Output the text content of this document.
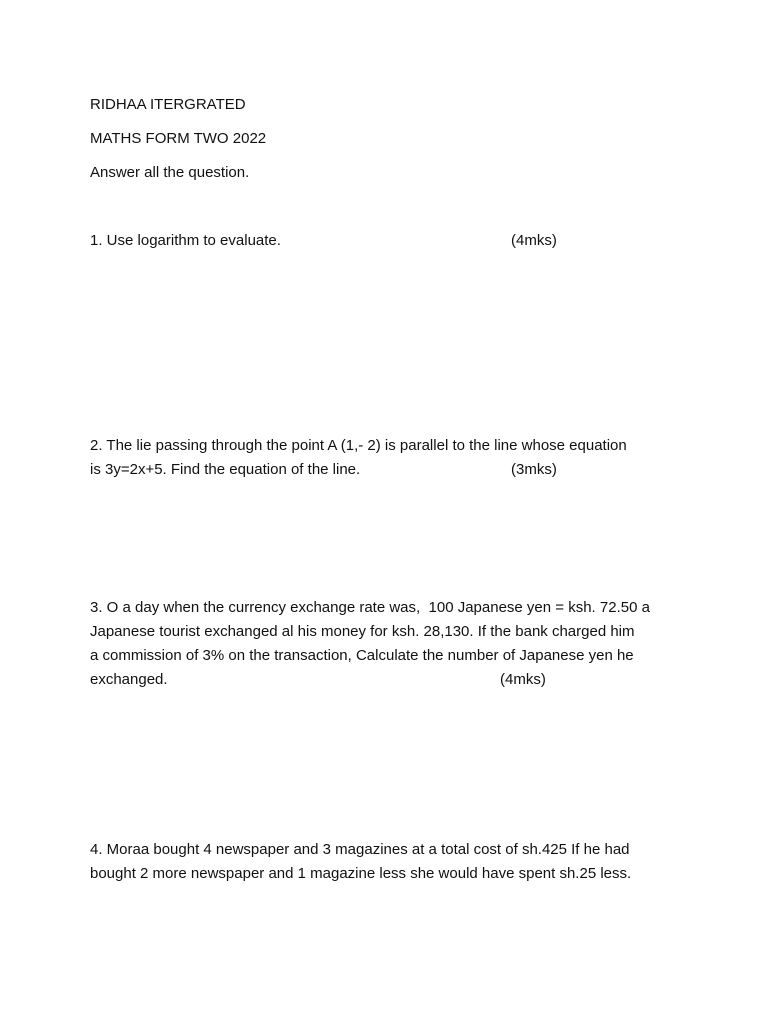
RIDHAA ITERGRATED
MATHS FORM TWO 2022
Answer all the question.

1. Use logarithm to evaluate.	(4mks)

2. The lie passing through the point A (1,- 2) is parallel to the line whose equation

is 3y=2x+5. Find the equation of the line.	(3mks)

3. O a day when the currency exchange rate was,  100 Japanese yen = ksh. 72.50 a

Japanese tourist exchanged al his money for ksh. 28,130. If the bank charged him

a commission of 3% on the transaction, Calculate the number of Japanese yen he

exchanged.	(4mks)

4. Moraa bought 4 newspaper and 3 magazines at a total cost of sh.425 If he had

bought 2 more newspaper and 1 magazine less she would have spent sh.25 less.
